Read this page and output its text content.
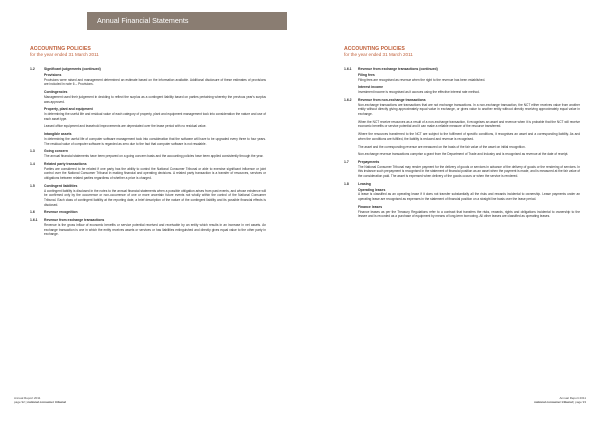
Annual Financial Statements
ACCOUNTING POLICIES
for the year ended 31 March 2011
1.2	Significant judgements (continued)
Provisions
Provisions were raised and management determined an estimate based on the information available. Additional disclosure of these estimates of provisions are included in note 6 – Provisions.
Contingencies
Management used their judgement in deciding to reflect the surplus as a contingent liability based on parties pertaining whereby the previous year's surplus was approved.
Property, plant and equipment
In determining the useful life and residual value of each category of property, plant and equipment management took into consideration the nature and use of each asset type.
Leased office equipment and leasehold improvements are depreciated over the lease period with no residual value.
Intangible assets
In determining the useful life of computer software management took into consideration that the software will have to be upgraded every three to four years. The residual value of computer software is regarded as zero due to the fact that computer software is not resalable.
1.3	Going concern
The annual financial statements have been prepared on a going concern basis and the accounting policies have been applied consistently through the year.
1.4	Related party transactions
Parties are considered to be related if one party has the ability to control the National Consumer Tribunal or able to exercise significant influence or joint control over the National Consumer Tribunal in making financial and operating decisions. A related party transaction is a transfer of resources, services or obligations between related parties regardless of whether a price is charged.
1.5	Contingent liabilities
A contingent liability is disclosed in the notes to the annual financial statements when a possible obligation arises from past events, and whose existence will be confirmed only by the occurrence or non-occurrence of one or more uncertain future events not wholly within the control of the National Consumer Tribunal. Each class of contingent liability at the reporting date, a brief description of the nature of the contingent liability and its possible financial effects is disclosed.
1.6	Revenue recognition
1.6.1 Revenue from exchange transactions
Revenue is the gross inflow of economic benefits or service potential received and receivable by an entity which results in an increase in net assets. An exchange transaction is one in which the entity receives assets or services or has liabilities extinguished and directly gives equal value to the other party in exchange.
ACCOUNTING POLICIES
for the year ended 31 March 2011
1.6.1 Revenue from exchange transactions (continued)
Filing fees
Filing fees are recognised as revenue when the right to the revenue has been established.
Interest income
Investment income is recognised as it accrues using the effective interest rate method.
1.6.2 Revenue from non-exchange transactions
Non-exchange transactions are transactions that are not exchange transactions. In a non-exchange transaction, the NCT either receives value from another entity without directly giving approximately equal value in exchange, or gives value to another entity without directly receiving approximately equal value in exchange.
When the NCT receive resources as a result of a non-exchange transaction, it recognises an asset and revenue when it is probable that the NCT will receive economic benefits or service potential and it can make a reliable measure of the resource transferred.
Where the resources transferred to the NCT are subject to the fulfilment of specific conditions, it recognises an asset and a corresponding liability. As and when the conditions are fulfilled, the liability is reduced and revenue is recognised.
The asset and the corresponding revenue are measured on the basis of the fair value of the asset on initial recognition.
Non-exchange revenue transactions comprise a grant from the Department of Trade and Industry and is recognised as revenue at the date of receipt.
1.7	Prepayments
The National Consumer Tribunal may render payment for the delivery of goods or services in advance of the delivery of goods or the rendering of services. In this instance such prepayment is recognised in the statement of financial position as an asset when the payment is made, and is measured at the fair value of the consideration paid. The asset is expensed when delivery of the goods occurs or when the service is rendered.
1.8	Leasing
Operating leases
A lease is classified as an operating lease if it does not transfer substantially all the risks and rewards incidental to ownership. Lease payments under an operating lease are recognised as expenses in the statement of financial position on a straight line basis over the lease period.
Finance leases
Finance leases as per the Treasury Regulations refer to a contract that transfers the risks, rewards, rights and obligations incidental to ownership to the lessee and is recorded as a purchase of equipment by means of long-term borrowing. All other leases are classified as operating leases.
Annual Report 2011
page 92 | national consumer tribunal
Annual Report 2011
national consumer tribunal | page 93
